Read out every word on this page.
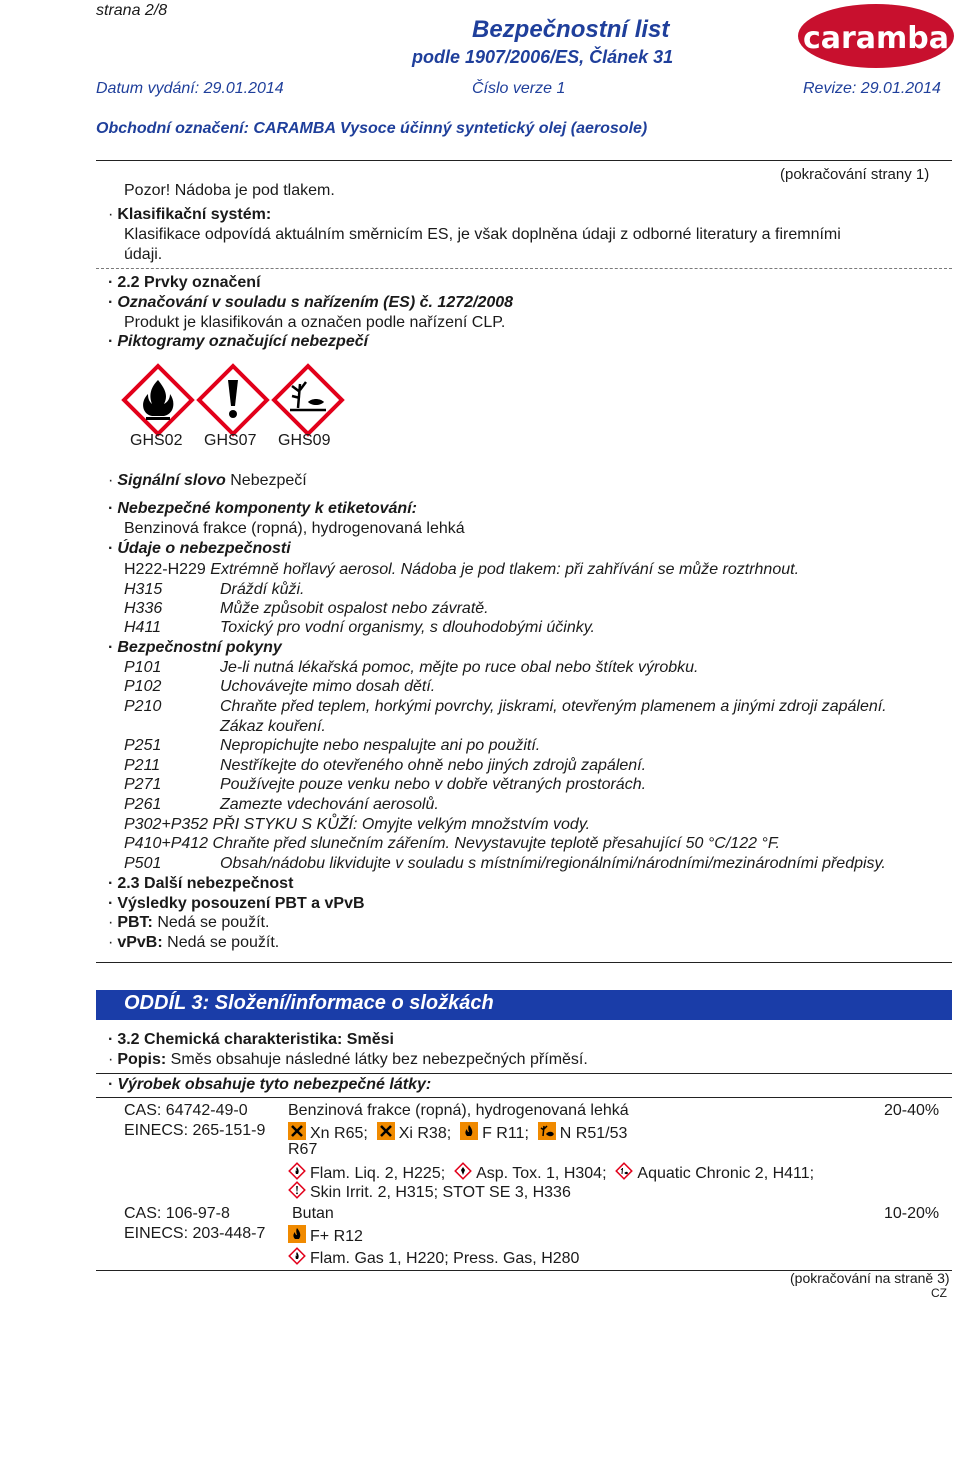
strana 2/8
Bezpečnostní list
podle 1907/2006/ES, Článek 31
caramba
Datum vydání: 29.01.2014	Číslo verze 1	Revize: 29.01.2014
Obchodní označení: CARAMBA Vysoce účinný syntetický olej (aerosole)
(pokračování strany 1)
Pozor! Nádoba je pod tlakem.
· Klasifikační systém:
Klasifikace odpovídá aktuálním směrnicím ES, je však doplněna údaji z odborné literatury a firemními
údaji.
· 2.2 Prvky označení
· Označování v souladu s nařízením (ES) č. 1272/2008
Produkt je klasifikován a označen podle nařízení CLP.
· Piktogramy označující nebezpečí
GHS02 GHS07 GHS09
· Signální slovo Nebezpečí
· Nebezpečné komponenty k etiketování:
Benzinová frakce (ropná), hydrogenovaná lehká
· Údaje o nebezpečnosti
H222-H229 Extrémně hořlavý aerosol. Nádoba je pod tlakem: při zahřívání se může roztrhnout.
H315	Dráždí kůži.
H336	Může způsobit ospalost nebo závratě.
H411	Toxický pro vodní organismy, s dlouhodobými účinky.
· Bezpečnostní pokyny
P101	Je-li nutná lékařská pomoc, mějte po ruce obal nebo štítek výrobku.
P102	Uchovávejte mimo dosah dětí.
P210	Chraňte před teplem, horkými povrchy, jiskrami, otevřeným plamenem a jinými zdroji zapálení.
Zákaz kouření.
P251	Nepropichujte nebo nespalujte ani po použití.
P211	Nestříkejte do otevřeného ohně nebo jiných zdrojů zapálení.
P271	Používejte pouze venku nebo v dobře větraných prostorách.
P261	Zamezte vdechování aerosolů.
P302+P352 PŘI STYKU S KŮŽÍ: Omyjte velkým množstvím vody.
P410+P412 Chraňte před slunečním zářením. Nevystavujte teplotě přesahující 50 °C/122 °F.
P501	Obsah/nádobu likvidujte v souladu s místními/regionálními/národními/mezinárodními předpisy.
· 2.3 Další nebezpečnost
· Výsledky posouzení PBT a vPvB
· PBT: Nedá se použít.
· vPvB: Nedá se použít.
ODDÍL 3: Složení/informace o složkách
· 3.2 Chemická charakteristika: Směsi
· Popis: Směs obsahuje následné látky bez nebezpečných příměsí.
· Výrobek obsahuje tyto nebezpečné látky:
CAS: 64742-49-0
EINECS: 265-151-9
Benzinová frakce (ropná), hydrogenovaná lehká	20-40%
Xn R65; Xi R38; F R11; N R51/53
R67
Flam. Liq. 2, H225; Asp. Tox. 1, H304; Aquatic Chronic 2, H411;
Skin Irrit. 2, H315; STOT SE 3, H336
CAS: 106-97-8
EINECS: 203-448-7
Butan	10-20%
F+ R12
Flam. Gas 1, H220; Press. Gas, H280
(pokračování na straně 3)
CZ
